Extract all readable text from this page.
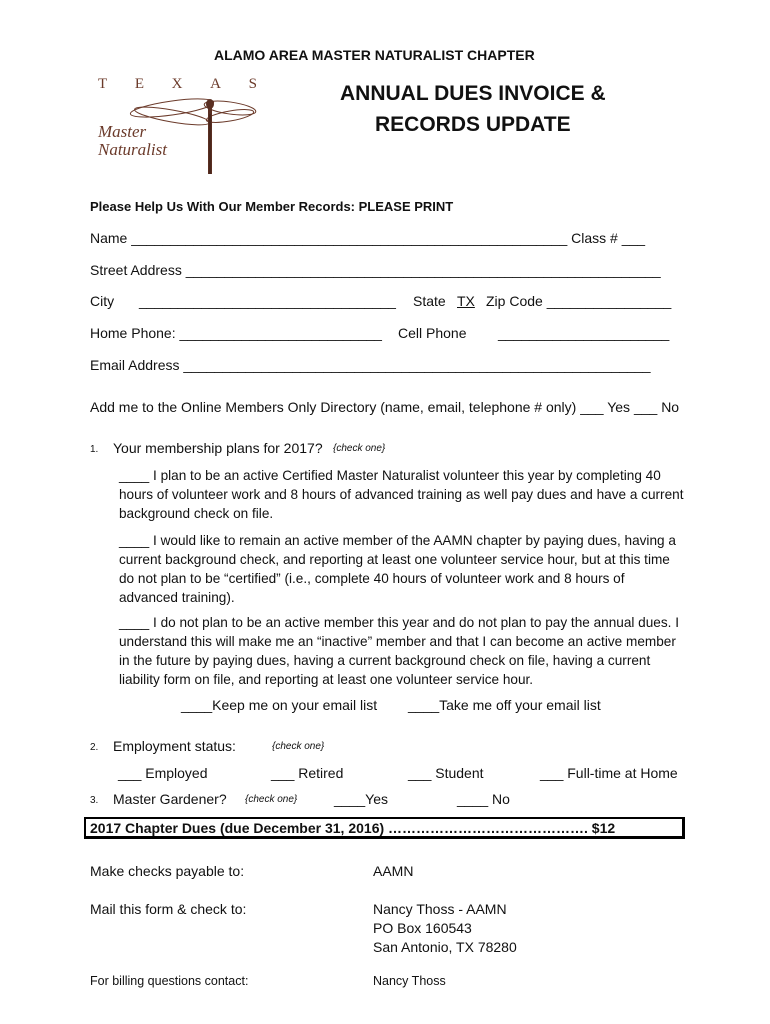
ALAMO AREA MASTER NATURALIST CHAPTER
T E X A S
Master
Naturalist
ANNUAL DUES INVOICE &
RECORDS UPDATE
Please Help Us With Our Member Records: PLEASE PRINT
Name ________________________________________________________ Class # ___
Street Address _____________________________________________________________
City _________________________________ State TX Zip Code ________________
Home Phone: __________________________ Cell Phone ______________________
Email Address ____________________________________________________________
Add me to the Online Members Only Directory (name, email, telephone # only) ___ Yes ___ No
1. Your membership plans for 2017? {check one}
____ I plan to be an active Certified Master Naturalist volunteer this year by completing 40 hours of volunteer work and 8 hours of advanced training as well pay dues and have a current background check on file.
____ I would like to remain an active member of the AAMN chapter by paying dues, having a current background check, and reporting at least one volunteer service hour, but at this time do not plan to be “certified” (i.e., complete 40 hours of volunteer work and 8 hours of advanced training).
____ I do not plan to be an active member this year and do not plan to pay the annual dues. I understand this will make me an “inactive” member and that I can become an active member in the future by paying dues, having a current background check on file, having a current liability form on file, and reporting at least one volunteer service hour.
____Keep me on your email list ____Take me off your email list
2. Employment status:	{check one}
___ Employed	___ Retired	___ Student	___ Full-time at Home
3. Master Gardener? {check one}	____Yes	____ No
2017 Chapter Dues (due December 31, 2016) ……………………………………. $12
Make checks payable to:	AAMN
Mail this form & check to:	Nancy Thoss - AAMN
PO Box 160543
San Antonio, TX 78280
For billing questions contact:	Nancy Thoss
